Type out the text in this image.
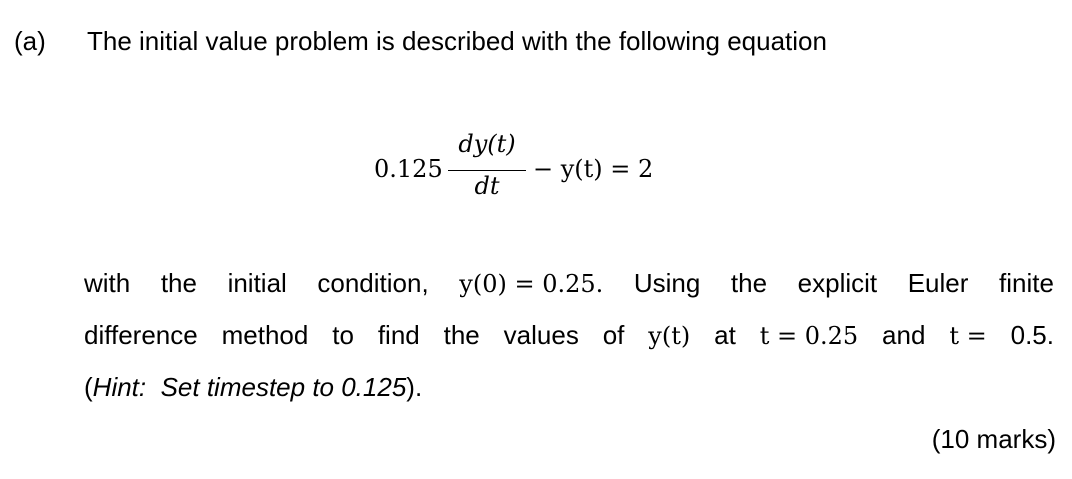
(a) The initial value problem is described with the following equation
0.125
dy(t)
dt
− y(t) = 2
with the initial condition, y(0) = 0.25. Using the explicit Euler finite
difference method to find the values of y(t) at t = 0.25 and t = 0.5.
( Hint:  Set timestep to 0.125 ).
(10 marks)
